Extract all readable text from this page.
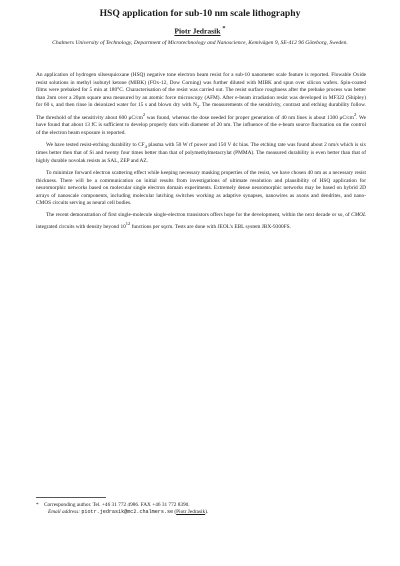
HSQ application for sub-10 nm scale lithography
Piotr Jedrasik *
Chalmers University of Technology, Department of Microtechnology and Nanoscience, Kemivägen 9, SE-412 96 Göteborg, Sweden.

An application of hydrogen silsesquioxane (HSQ) negative tone electron beam resist for a sub-10 nanometer scale feature is reported. Flowable Oxide resist solutions in methyl isobutyl ketone (MIBK) (FOx-12, Dow Corning) was further diluted with MIBK and spun over silicon wafers. Spin-coated films were prebaked for 5 min at 180°C. Characterisation of the resist was carried out. The resist surface roughness after the prebake process was better than 2nm over a 20μm square area measured by an atomic force microscopy (AFM). After e-beam irradiation resist was developed in MF322 (Shipley) for 60 s, and then rinse in deionized water for 15 s and blown dry with $N_2$. The measurements of the sensitivity, contrast and etching durability follow. The threshold of the sensitivity about 600 $\mu C/cm^2$ was found, whereas the dose needed for proper generation of 40 nm lines is about 1300 $\mu C/cm^2$. We have found that about 13 fC is sufficient to develop properly dots with diameter of 20 nm. The influence of the e-beam source fluctuation on the control of the electron beam exposure is reported.

We have tested resist-etching durability to $CF_4$ plasma with 50 W rf power and 150 V dc bias. The etching rate was found about 2 nm/s which is six times better then that of Si and twenty four times better than that of polymethylmetacrylat (PMMA). The measured durability is even better than that of highly durable novolak resists as SAL, ZEP and AZ.

To minimize forward electron scattering effect while keeping necessary masking properties of the resist, we have chosen 40 nm as a necessary resist thickness. There will be a communication on initial results from investigations of ultimate resolution and plausibility of HSQ application for neuromorphic networks based on molecular single electron domain experiments. Extremely dense neuromorphic networks may be based on hybrid 2D arrays of nanoscale components, including molecular latching switches working as adaptive synapses, nanowires as axons and dendrites, and nano-CMOS circuits serving as neural cell bodies.

The recent demonstration of first single-molecule single-electron transistors offers hope for the development, within the next decade or so, of CMOL integrated circuits with density beyond $10^{12}$ functions per sqcm. Tests are done with JEOL's EBL system JBX-9300FS.

* Corresponding author. Tel. +46 31 772 4986. FAX +46 31 772 8390.
Email address: piotr.jedrasik@mc2.chalmers.se (Piotr Jedrasik).
